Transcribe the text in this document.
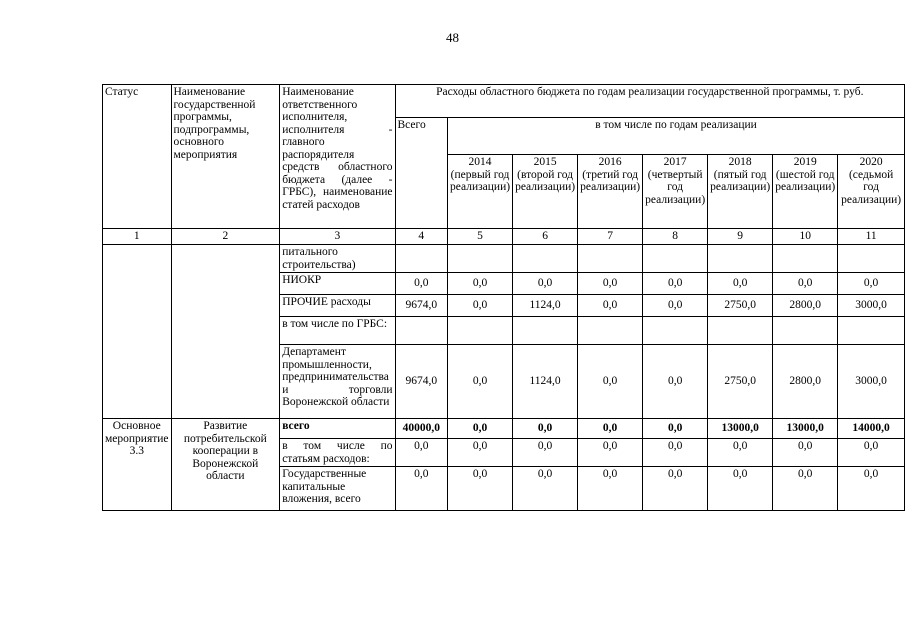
48
Статус	Наименование государственной программы, подпрограммы, основного мероприятия	Наименование ответственного исполнителя, исполнителя - главного распорядителя средств областного бюджета (далее - ГРБС), наименование статей расходов	Расходы областного бюджета по годам реализации государственной программы, т. руб.							
			Всего	в том числе по годам реализации						
				2014 (первый год реализации)	2015 (второй год реализации)	2016 (третий год реализации)	2017 (четвертый год реализации)	2018 (пятый год реализации)	2019 (шестой год реализации)	2020 (седьмой год реализации)
1	2	3	4	5	6	7	8	9	10	11
		питального строительства)								
		НИОКР	0,0	0,0	0,0	0,0	0,0	0,0	0,0	0,0
		ПРОЧИЕ расходы	9674,0	0,0	1124,0	0,0	0,0	2750,0	2800,0	3000,0
		в том числе по ГРБС:								
		Департамент промышленности, предпринимательства и торговли Воронежской области	9674,0	0,0	1124,0	0,0	0,0	2750,0	2800,0	3000,0
Основное мероприятие 3.3	Развитие потребительской кооперации в Воронежской области	всего	40000,0	0,0	0,0	0,0	0,0	13000,0	13000,0	14000,0
		в том числе по статьям расходов:	0,0	0,0	0,0	0,0	0,0	0,0	0,0	0,0
		Государственные капитальные вложения, всего	0,0	0,0	0,0	0,0	0,0	0,0	0,0	0,0
